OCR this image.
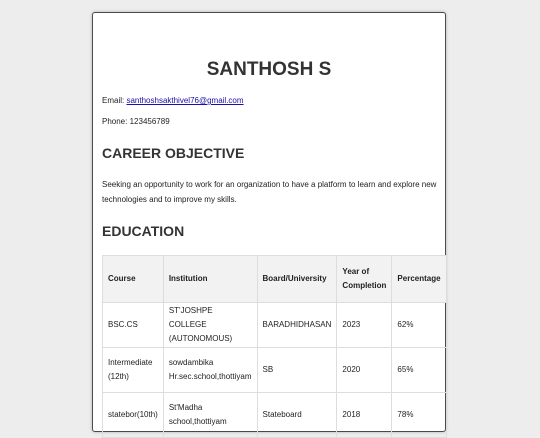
SANTHOSH S
Email: santhoshsakthivel76@gmail.com
Phone: 123456789
CAREER OBJECTIVE

Seeking an opportunity to work for an organization to have a platform to learn and explore new technologies and to improve my skills.

EDUCATION
Course	Institution	Board/University	Year of Completion	Percentage
BSC.CS	ST'JOSHPE COLLEGE (AUTONOMOUS)	BARADHIDHASAN	2023	62%
Intermediate (12th)	sowdambika Hr.sec.school,thottiyam	SB	2020	65%
statebor(10th)	St'Madha school,thottiyam	Stateboard	2018	78%
